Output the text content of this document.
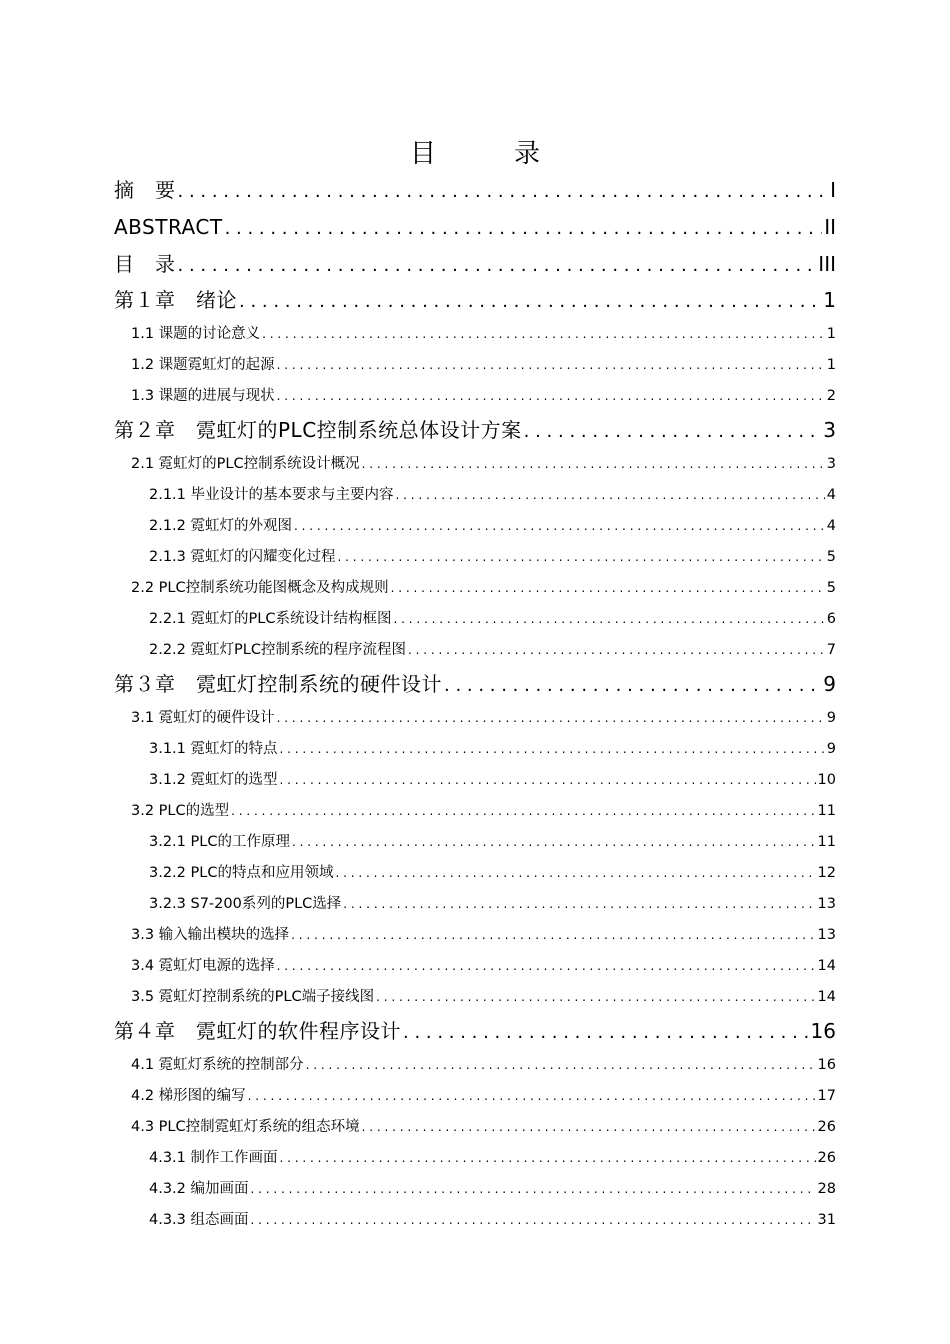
目　录
摘　要 . . .	I
ABSTRACT . . .	II
目　录 . . .	III
第１章　绪论 . . .	1
1.1 课题的讨论意义 . . .	1
1.2 课题霓虹灯的起源 . . .	1
1.3 课题的进展与现状 . . .	2
第２章　霓虹灯的PLC控制系统总体设计方案 . . .	3
2.1 霓虹灯的PLC控制系统设计概况 . . .	3
2.1.1 毕业设计的基本要求与主要内容 . . .	4
2.1.2 霓虹灯的外观图 . . .	4
2.1.3 霓虹灯的闪耀变化过程 . . .	5
2.2 PLC控制系统功能图概念及构成规则 . . .	5
2.2.1 霓虹灯的PLC系统设计结构框图 . . .	6
2.2.2 霓虹灯PLC控制系统的程序流程图 . . .	7
第３章　霓虹灯控制系统的硬件设计 . . .	9
3.1 霓虹灯的硬件设计 . . .	9
3.1.1 霓虹灯的特点 . . .	9
3.1.2 霓虹灯的选型 . . .	10
3.2 PLC的选型 . . .	11
3.2.1 PLC的工作原理 . . .	11
3.2.2 PLC的特点和应用领域 . . .	12
3.2.3 S7-200系列的PLC选择 . . .	13
3.3 输入输出模块的选择 . . .	13
3.4 霓虹灯电源的选择 . . .	14
3.5 霓虹灯控制系统的PLC端子接线图 . . .	14
第４章　霓虹灯的软件程序设计 . . .	16
4.1 霓虹灯系统的控制部分 . . .	16
4.2 梯形图的编写 . . .	17
4.3 PLC控制霓虹灯系统的组态环境 . . .	26
4.3.1 制作工作画面 . . .	26
4.3.2 编加画面 . . .	28
4.3.3 组态画面 . . .	31
